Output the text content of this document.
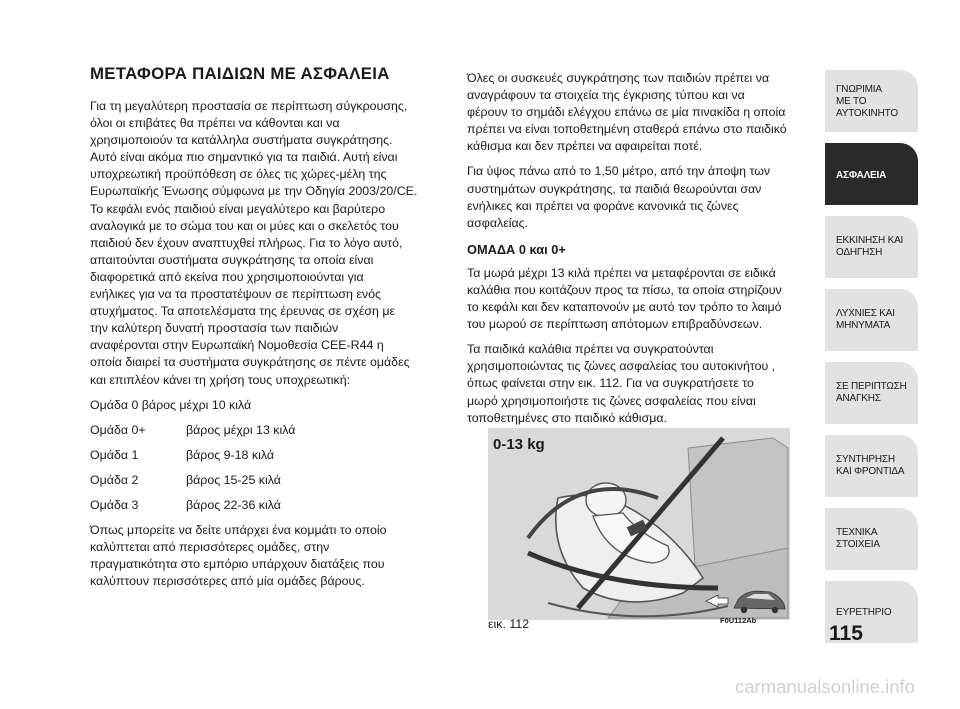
ΜΕΤΑΦΟΡΑ ΠΑΙΔΙΩΝ ΜΕ ΑΣΦΑΛΕΙΑ

Για τη μεγαλύτερη προστασία σε περίπτωση σύγκρουσης,
όλοι οι επιβάτες θα πρέπει να κάθονται και να
χρησιμοποιούν τα κατάλληλα συστήματα συγκράτησης.
Αυτό είναι ακόμα πιο σημαντικό για τα παιδιά. Αυτή είναι
υποχρεωτική προϋπόθεση σε όλες τις χώρες-μέλη της
Ευρωπαϊκής Ένωσης σύμφωνα με την Οδηγία 2003/20/CE.
Το κεφάλι ενός παιδιού είναι μεγαλύτερο και βαρύτερο
αναλογικά με το σώμα του και οι μύες και ο σκελετός του
παιδιού δεν έχουν αναπτυχθεί πλήρως. Για το λόγο αυτό,
απαιτούνται συστήματα συγκράτησης τα οποία είναι
διαφορετικά από εκείνα που χρησιμοποιούνται για
ενήλικες για να τα προστατέψουν σε περίπτωση ενός
ατυχήματος. Τα αποτελέσματα της έρευνας σε σχέση με
την καλύτερη δυνατή προστασία των παιδιών
αναφέρονται στην Ευρωπαϊκή Νομοθεσία CEE-R44 η
οποία διαιρεί τα συστήματα συγκράτησης σε πέντε ομάδες
και επιπλέον κάνει τη χρήση τους υποχρεωτική:

Ομάδα 0 βάρος μέχρι 10 κιλά
Ομάδα 0+	βάρος μέχρι 13 κιλά
Ομάδα 1	βάρος 9-18 κιλά
Ομάδα 2	βάρος 15-25 κιλά
Ομάδα 3	βάρος 22-36 κιλά

Όπως μπορείτε να δείτε υπάρχει ένα κομμάτι το οποίο
καλύπτεται από περισσότερες ομάδες, στην
πραγματικότητα στο εμπόριο υπάρχουν διατάξεις που
καλύπτουν περισσότερες από μία ομάδες βάρους.

Όλες οι συσκευές συγκράτησης των παιδιών πρέπει να
αναγράφουν τα στοιχεία της έγκρισης τύπου και να
φέρουν το σημάδι ελέγχου επάνω σε μία πινακίδα η οποία
πρέπει να είναι τοποθετημένη σταθερά επάνω στο παιδικό
κάθισμα και δεν πρέπει να αφαιρείται ποτέ.

Για ύψος πάνω από το 1,50 μέτρο, από την άποψη των
συστημάτων συγκράτησης, τα παιδιά θεωρούνται σαν
ενήλικες και πρέπει να φοράνε κανονικά τις ζώνες
ασφαλείας.

ΟΜΑΔΑ 0 και 0+

Τα μωρά μέχρι 13 κιλά πρέπει να μεταφέρονται σε ειδικά
καλάθια που κοιτάζουν προς τα πίσω, τα οποία στηρίζουν
το κεφάλι και δεν καταπονούν με αυτό τον τρόπο το λαιμό
του μωρού σε περίπτωση απότομων επιβραδύνσεων.

Τα παιδικά καλάθια πρέπει να συγκρατούνται
χρησιμοποιώντας τις ζώνες ασφαλείας του αυτοκινήτου ,
όπως φαίνεται στην εικ. 112. Για να συγκρατήσετε το
μωρό χρησιμοποιήστε τις ζώνες ασφαλείας που είναι
τοποθετημένες στο παιδικό κάθισμα.

0-13 kg
εικ. 112	F0U112Ab
ΓΝΩΡΙΜΙΑ
ΜΕ ΤΟ
ΑΥΤΟΚΙΝΗΤΟ
ΑΣΦΑΛΕΙΑ
ΕΚΚΙΝΗΣΗ ΚΑΙ
ΟΔΗΓΗΣΗ
ΛΥΧΝΙΕΣ ΚΑΙ
ΜΗΝΥΜΑΤΑ
ΣΕ ΠΕΡΙΠΤΩΣΗ
ΑΝΑΓΚΗΣ
ΣΥΝΤΗΡΗΣΗ
ΚΑΙ ΦΡΟΝΤΙΔΑ
ΤΕΧΝΙΚΑ
ΣΤΟΙΧΕΙΑ
ΕΥΡΕΤΗΡΙΟ
115
carmanualsonline.info
